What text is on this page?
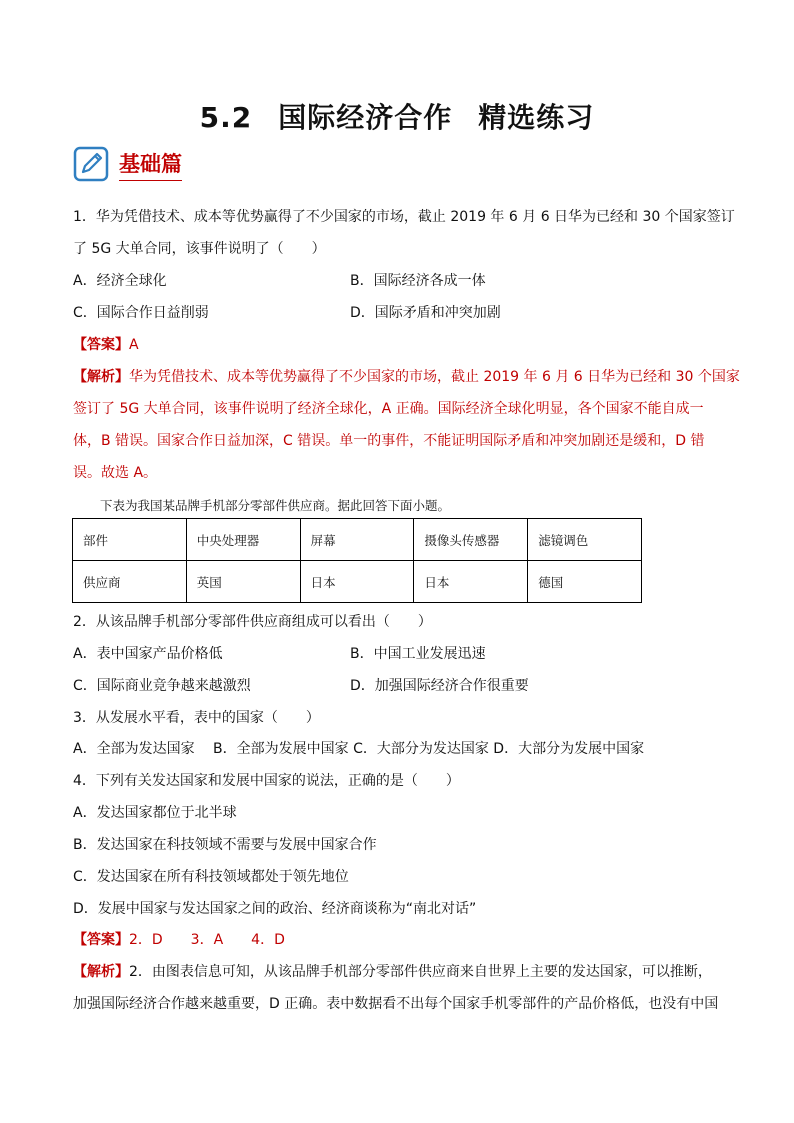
5.2 国际经济合作 精选练习
基础篇
1．华为凭借技术、成本等优势赢得了不少国家的市场，截止 2019 年 6 月 6 日华为已经和 30 个国家签订
了 5G 大单合同，该事件说明了（　　）
A．经济全球化	B．国际经济各成一体
C．国际合作日益削弱	D．国际矛盾和冲突加剧
【答案】A
【解析】华为凭借技术、成本等优势赢得了不少国家的市场，截止 2019 年 6 月 6 日华为已经和 30 个国家
签订了 5G 大单合同，该事件说明了经济全球化，A 正确。国际经济全球化明显，各个国家不能自成一
体，B 错误。国家合作日益加深，C 错误。单一的事件，不能证明国际矛盾和冲突加剧还是缓和，D 错
误。故选 A。
下表为我国某品牌手机部分零部件供应商。据此回答下面小题。
部件	中央处理器	屏幕	摄像头传感器	滤镜调色
供应商	英国	日本	日本	德国
2．从该品牌手机部分零部件供应商组成可以看出（　　）
A．表中国家产品价格低	B．中国工业发展迅速
C．国际商业竞争越来越激烈	D．加强国际经济合作很重要
3．从发展水平看，表中的国家（　　）
A．全部为发达国家　 B．全部为发展中国家 C．大部分为发达国家 D．大部分为发展中国家
4．下列有关发达国家和发展中国家的说法，正确的是（　　）
A．发达国家都位于北半球
B．发达国家在科技领域不需要与发展中国家合作
C．发达国家在所有科技领域都处于领先地位
D．发展中国家与发达国家之间的政治、经济商谈称为“南北对话”
【答案】2．D　　3．A　　4．D
【解析】2．由图表信息可知，从该品牌手机部分零部件供应商来自世界上主要的发达国家，可以推断，
加强国际经济合作越来越重要，D 正确。表中数据看不出每个国家手机零部件的产品价格低，也没有中国
